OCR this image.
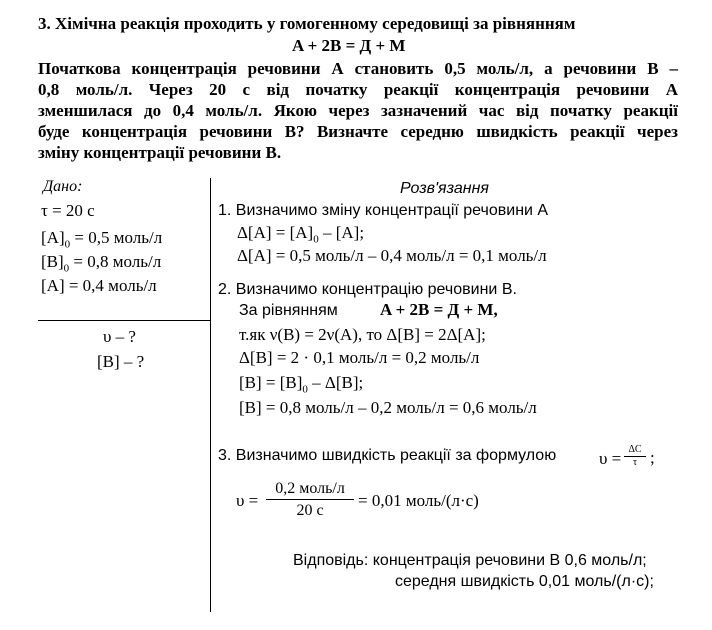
3. Хімічна реакція проходить у гомогенному середовищі за рівнянням
A + 2B = Д + M
Початкова концентрація речовини А становить 0,5 моль/л, а речовини В –
0,8 моль/л. Через 20 с від початку реакції концентрація речовини А
зменшилася до 0,4 моль/л. Якою через зазначений час від початку реакції
буде концентрація речовини В? Визначте середню швидкість реакції через
зміну концентрації речовини В.
Дано:
τ = 20 с
$[A]_0 = 0,5$ моль/л
$[B]_0 = 0,8$ моль/л
[A] = 0,4 моль/л
υ – ?
[B] – ?
Розв'язання
1. Визначимо зміну концентрації речовини А
$\Delta[A] = [A]_0 - [A]$;
Δ[A] = 0,5 моль/л – 0,4 моль/л = 0,1 моль/л
2. Визначимо концентрацію речовини В.
За рівнянням A + 2B = Д + M,
т.як ν(B) = 2ν(A), то Δ[B] = 2Δ[A];
Δ[B] = 2 · 0,1 моль/л = 0,2 моль/л
$[B] = [B]_0 - \Delta[B]$;
[B] = 0,8 моль/л – 0,2 моль/л = 0,6 моль/л
3. Визначимо швидкість реакції за формулою	υ = ΔC
τ ;
υ =
0,2 моль/л
20 с
= 0,01 моль/(л·с)
Відповідь: концентрація речовини В 0,6 моль/л;
середня швидкість 0,01 моль/(л·с);
